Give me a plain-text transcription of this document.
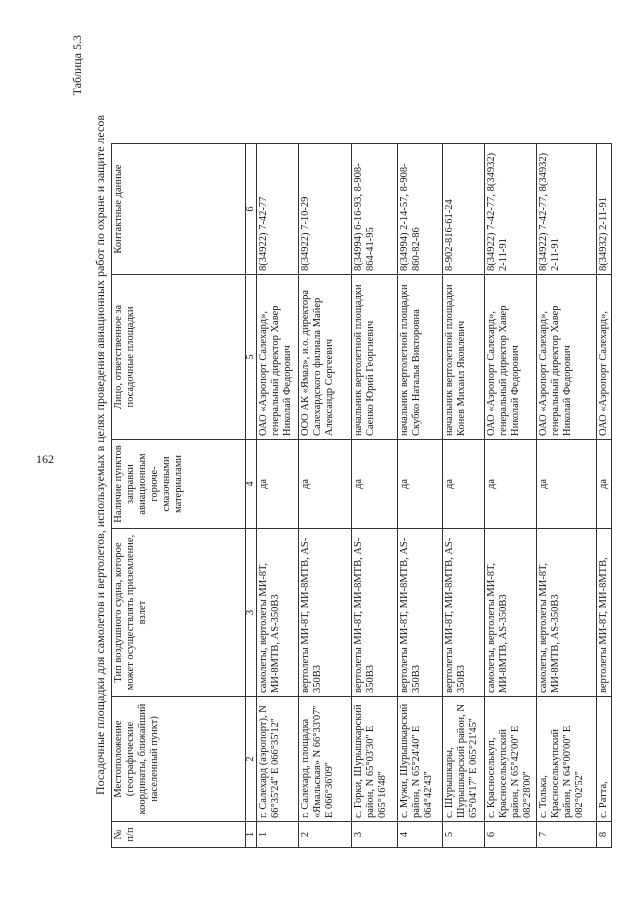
162
Таблица 5.3
Посадочные площадки для самолетов и вертолетов, используемых в целях проведения авиационных работ по охране и защите лесов
№ п/п	Местоположение (географические координаты, ближайший населенный пункт)	Тип воздушного судна, которое может осуществлять приземление, взлет	Наличие пунктов заправки авиационным горюче-смазочными материалами	Лицо, ответственное за посадочные площадки	Контактные данные
1	2	3	4	5	6
1	г. Салехард (аэропорт), N 66°35'24'' E 066°35'12''	самолеты, вертолеты МИ-8Т, МИ-8МТВ, AS-350B3	да	ОАО «Аэропорт Салехард», генеральный директор Хавер Николай Федорович	8(34922) 7-42-77
2	г. Салехард, площадка «Ямальская» N 66°33'07'' E 066°36'09''	вертолеты МИ-8Т, МИ-8МТВ, AS-350B3	да	ООО АК «Ямал», и.о. директора Салехардского филиала Майер Александр Сергеевич	8(34922) 7-10-29
3	с. Горки, Шурышкарский район, N 65°03'30'' E 065°16'48''	вертолеты МИ-8Т, МИ-8МТВ, AS-350B3	да	начальник вертолетной площадки Саенко Юрий Георгиевич	8(34994) 6-16-93, 8-908-864-41-95
4	с. Мужи, Шурышкарский район, N 65°24'40'' E 064°42'43''	вертолеты МИ-8Т, МИ-8МТВ, AS-350B3	да	начальник вертолетной площадки Скубко Наталья Викторовна	8(34994) 2-14-57, 8-908-860-82-86
5	с. Шурышкары, Шурышкарский район, N 65°04'17'' E 065°21'45''	вертолеты МИ-8Т, МИ-8МТВ, AS-350B3	да	начальник вертолетной площадки Конев Михаил Яковлевич	8-902-816-61-24
6	с. Красноселькуп, Красноселькупский район, N 65°42'00'' E 082°28'00''	самолеты, вертолеты МИ-8Т, МИ-8МТВ, AS-350B3	да	ОАО «Аэропорт Салехард», генеральный директор Хавер Николай Федорович	8(34922) 7-42-77, 8(34932) 2-11-91
7	с. Толька, Красноселькупский район, N 64°00'00'' E 082°02'52''	самолеты, вертолеты МИ-8Т, МИ-8МТВ, AS-350B3	да	ОАО «Аэропорт Салехард», генеральный директор Хавер Николай Федорович	8(34922) 7-42-77, 8(34932) 2-11-91
8	с. Ратта,	вертолеты МИ-8Т, МИ-8МТВ,	да	ОАО «Аэропорт Салехард»,	8(34932) 2-11-91
